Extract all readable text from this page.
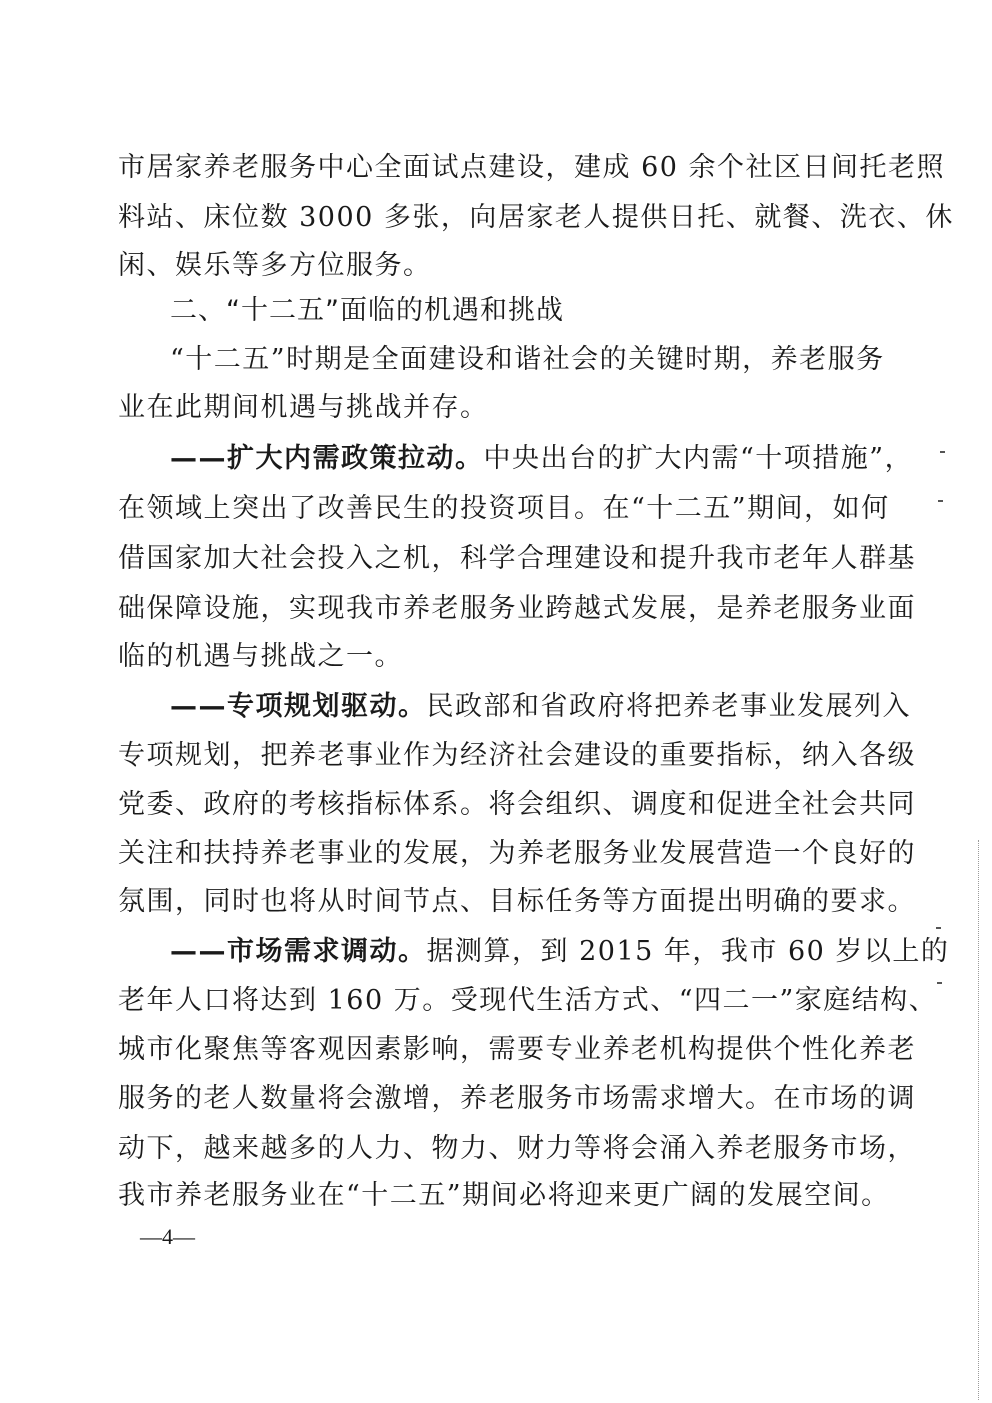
市居家养老服务中心全面试点建设，建成 60 余个社区日间托老照
料站、床位数 3000 多张，向居家老人提供日托、就餐、洗衣、休
闲、娱乐等多方位服务。
二、“十二五”面临的机遇和挑战
“十二五”时期是全面建设和谐社会的关键时期，养老服务
业在此期间机遇与挑战并存。
——扩大内需政策拉动。中央出台的扩大内需“十项措施”，
在领域上突出了改善民生的投资项目。在“十二五”期间，如何
借国家加大社会投入之机，科学合理建设和提升我市老年人群基
础保障设施，实现我市养老服务业跨越式发展，是养老服务业面
临的机遇与挑战之一。
——专项规划驱动。民政部和省政府将把养老事业发展列入
专项规划，把养老事业作为经济社会建设的重要指标，纳入各级
党委、政府的考核指标体系。将会组织、调度和促进全社会共同
关注和扶持养老事业的发展，为养老服务业发展营造一个良好的
氛围，同时也将从时间节点、目标任务等方面提出明确的要求。
——市场需求调动。据测算，到 2015 年，我市 60 岁以上的
老年人口将达到 160 万。受现代生活方式、“四二一”家庭结构、
城市化聚焦等客观因素影响，需要专业养老机构提供个性化养老
服务的老人数量将会激增，养老服务市场需求增大。在市场的调
动下，越来越多的人力、物力、财力等将会涌入养老服务市场，
我市养老服务业在“十二五”期间必将迎来更广阔的发展空间。
—4—
